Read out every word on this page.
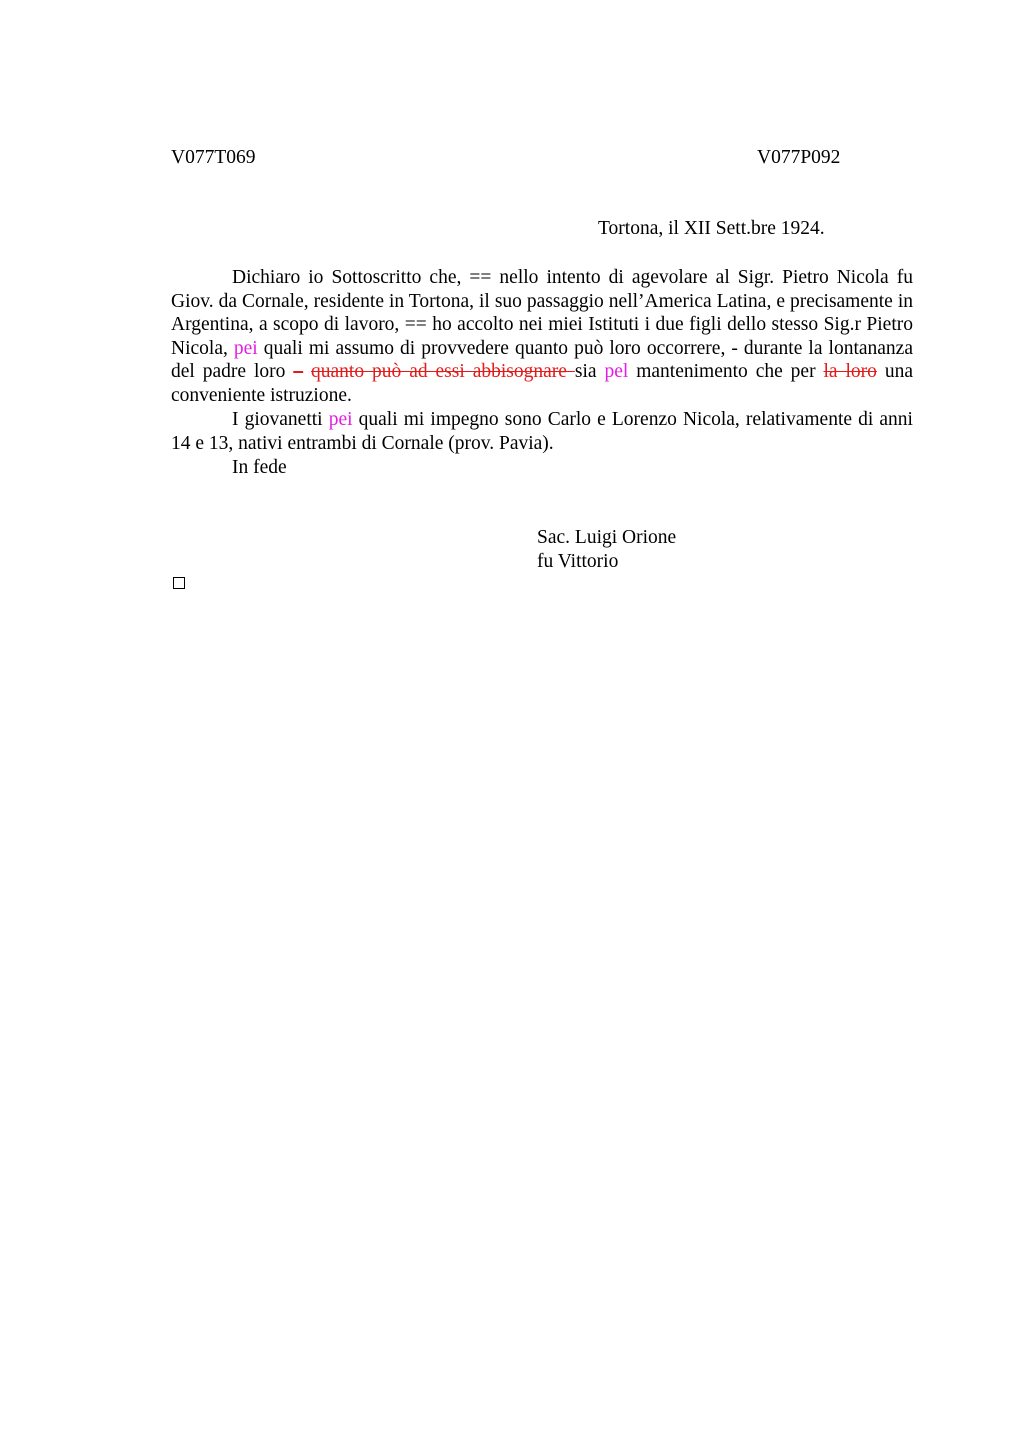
V077T069	V077P092
Tortona, il XII Sett.bre 1924.
Dichiaro io Sottoscritto che, == nello intento di agevolare al Sigr. Pietro Nicola fu Giov. da Cornale, residente in Tortona, il suo passaggio nell’America Latina, e precisamente in Argentina, a scopo di lavoro, == ho accolto nei miei Istituti i due figli dello stesso Sig.r Pietro Nicola, pei quali mi assumo di provvedere quanto può loro occorrere, - durante la lontananza del padre loro – quanto può ad essi abbisognare sia pel mantenimento che per la loro una conveniente istruzione.
I giovanetti pei quali mi impegno sono Carlo e Lorenzo Nicola, relativamente di anni 14 e 13, nativi entrambi di Cornale (prov. Pavia).
In fede
Sac. Luigi Orione
fu Vittorio
